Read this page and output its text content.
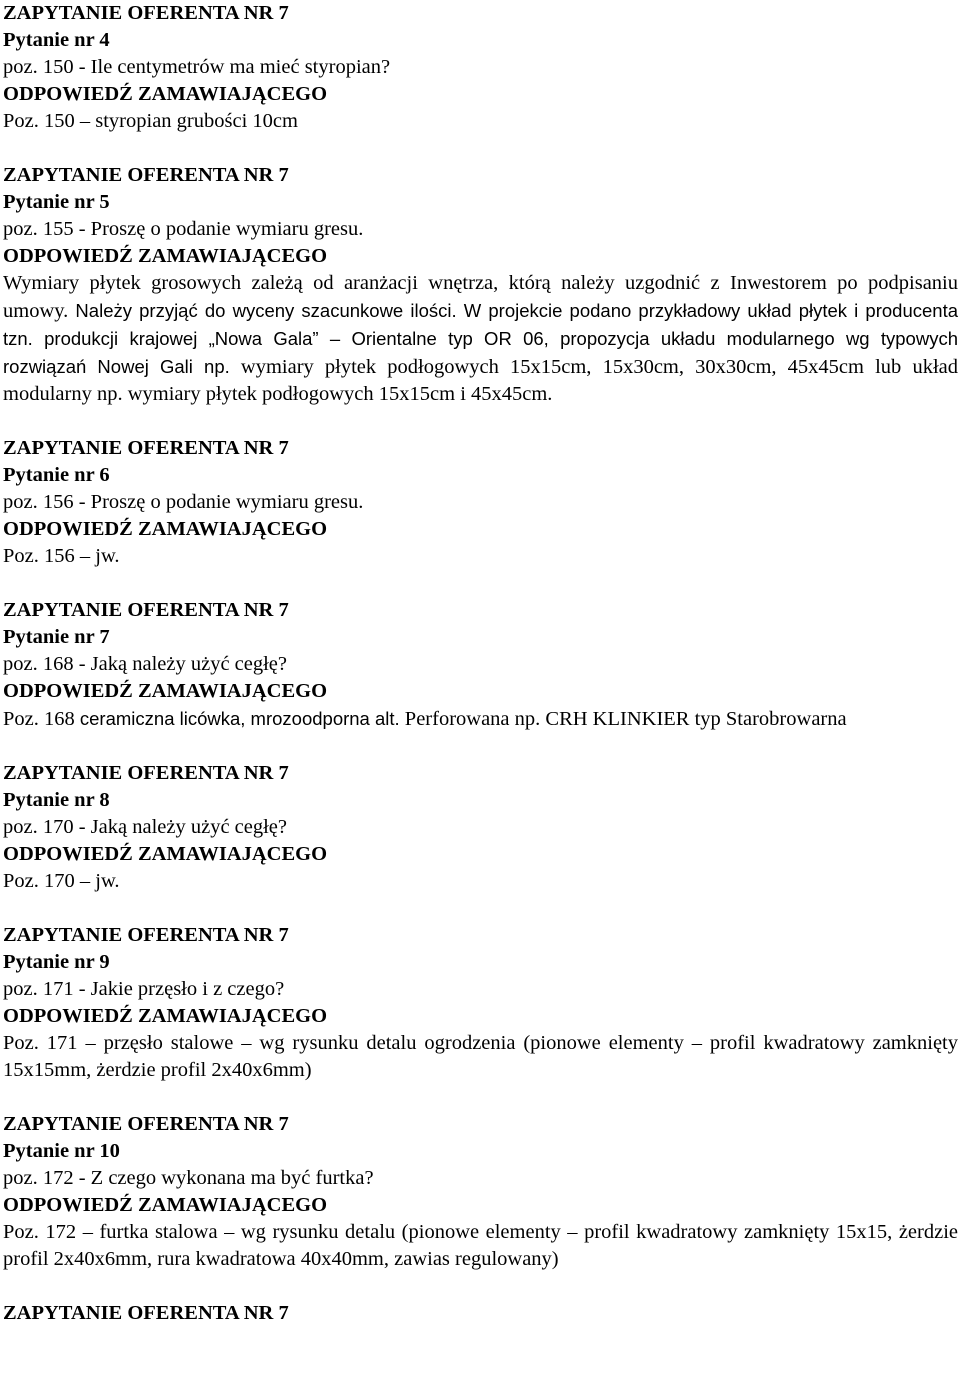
ZAPYTANIE OFERENTA NR 7
Pytanie nr 4
poz. 150 - Ile centymetrów ma mieć styropian?
ODPOWIEDŹ ZAMAWIAJĄCEGO
Poz. 150 – styropian grubości 10cm
ZAPYTANIE OFERENTA NR 7
Pytanie nr 5
poz. 155 - Proszę o podanie wymiaru gresu.
ODPOWIEDŹ ZAMAWIAJĄCEGO
Wymiary płytek grosowych zależą od aranżacji wnętrza, którą należy uzgodnić z Inwestorem po podpisaniu umowy. Należy przyjąć do wyceny szacunkowe ilości. W projekcie podano przykładowy układ płytek i producenta tzn. produkcji krajowej „Nowa Gala” – Orientalne typ OR 06, propozycja układu modularnego wg typowych rozwiązań Nowej Gali np. wymiary płytek podłogowych 15x15cm, 15x30cm, 30x30cm, 45x45cm lub układ modularny np. wymiary płytek podłogowych 15x15cm i 45x45cm.
ZAPYTANIE OFERENTA NR 7
Pytanie nr 6
poz. 156 - Proszę o podanie wymiaru gresu.
ODPOWIEDŹ ZAMAWIAJĄCEGO
Poz. 156 – jw.
ZAPYTANIE OFERENTA NR 7
Pytanie nr 7
poz. 168 - Jaką należy użyć cegłę?
ODPOWIEDŹ ZAMAWIAJĄCEGO
Poz. 168 ceramiczna licówka, mrozoodporna alt. Perforowana np. CRH KLINKIER typ Starobrowarna
ZAPYTANIE OFERENTA NR 7
Pytanie nr 8
poz. 170 - Jaką należy użyć cegłę?
ODPOWIEDŹ ZAMAWIAJĄCEGO
Poz. 170 – jw.
ZAPYTANIE OFERENTA NR 7
Pytanie nr 9
poz. 171 - Jakie przęsło i z czego?
ODPOWIEDŹ ZAMAWIAJĄCEGO
Poz. 171 – przęsło stalowe – wg rysunku detalu ogrodzenia (pionowe elementy – profil kwadratowy zamknięty 15x15mm, żerdzie profil 2x40x6mm)
ZAPYTANIE OFERENTA NR 7
Pytanie nr 10
poz. 172 - Z czego wykonana ma być furtka?
ODPOWIEDŹ ZAMAWIAJĄCEGO
Poz. 172 – furtka stalowa – wg rysunku detalu (pionowe elementy – profil kwadratowy zamknięty 15x15, żerdzie profil 2x40x6mm, rura kwadratowa 40x40mm, zawias regulowany)
ZAPYTANIE OFERENTA NR 7
